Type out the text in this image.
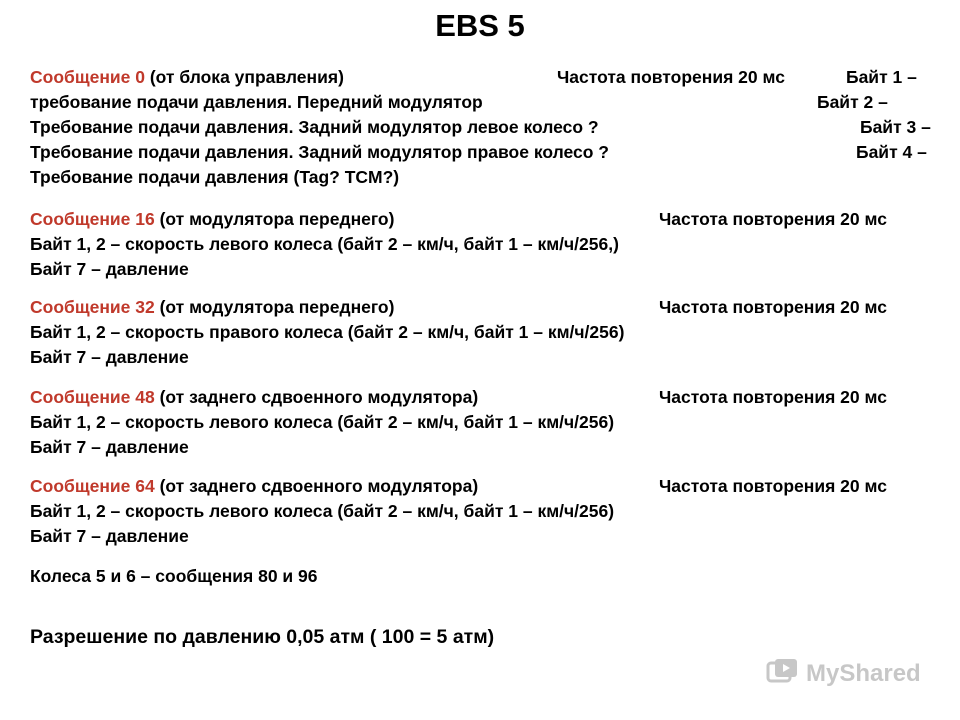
EBS 5
Сообщение 0 (от блока управления)	Частота повторения 20 мс	Байт 1 –
требование подачи давления. Передний модулятор	Байт 2 –
Требование подачи давления. Задний модулятор левое колесо ?	Байт 3 –
Требование подачи давления. Задний модулятор правое колесо ?	Байт 4 –
Требование подачи давления (Tag? TCM?)
Сообщение 16 (от модулятора переднего)	Частота повторения 20 мс
Байт 1, 2 – скорость левого колеса (байт 2 – км/ч, байт 1 – км/ч/256,)
Байт 7 – давление
Сообщение 32 (от модулятора переднего)	Частота повторения 20 мс
Байт 1, 2 – скорость правого колеса (байт 2 – км/ч, байт 1 – км/ч/256)
Байт 7 – давление
Сообщение 48 (от заднего сдвоенного модулятора)	Частота повторения 20 мс
Байт 1, 2 – скорость левого колеса (байт 2 – км/ч, байт 1 – км/ч/256)
Байт 7 – давление
Сообщение 64 (от заднего сдвоенного модулятора)	Частота повторения 20 мс
Байт 1, 2 – скорость левого колеса (байт 2 – км/ч, байт 1 – км/ч/256)
Байт 7 – давление
Колеса 5 и 6 – сообщения 80 и 96
Разрешение по давлению 0,05 атм ( 100 = 5 атм)
MyShared
